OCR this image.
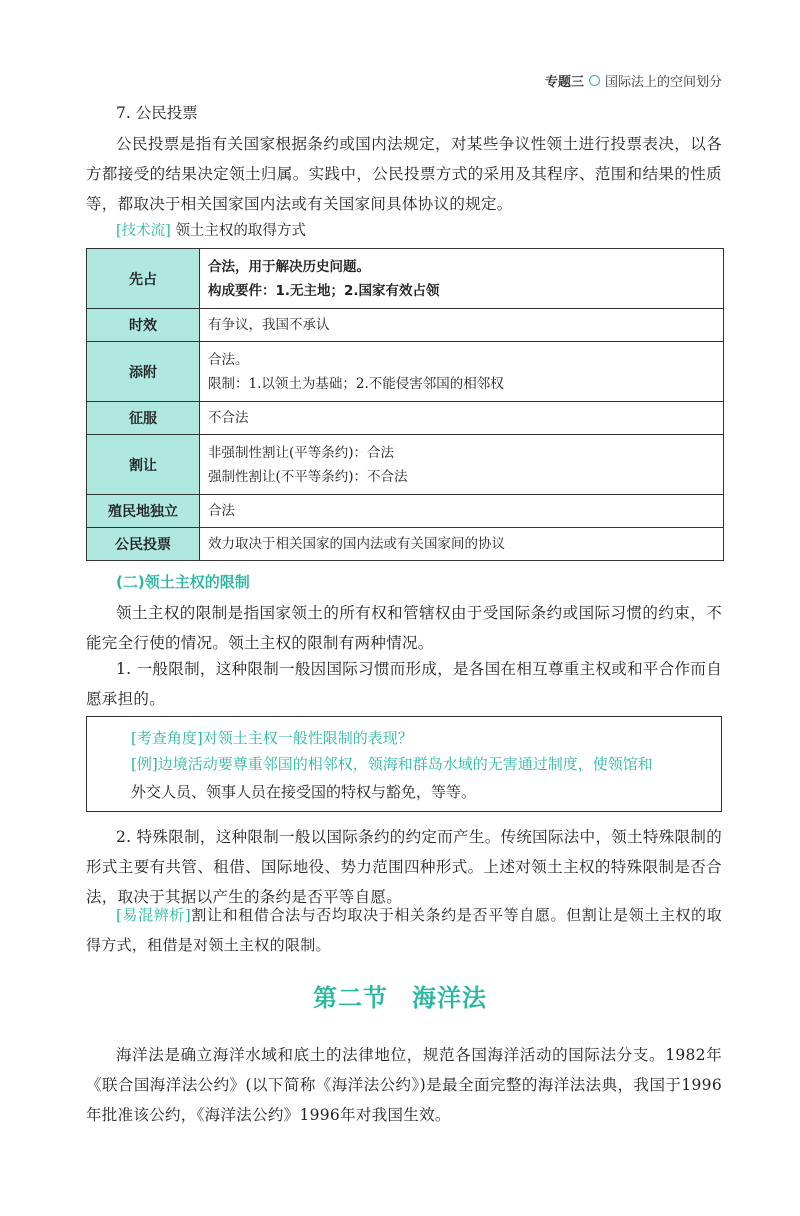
专题三 国际法上的空间划分
7. 公民投票
公民投票是指有关国家根据条约或国内法规定，对某些争议性领土进行投票表决，以各方都接受的结果决定领土归属。实践中，公民投票方式的采用及其程序、范围和结果的性质等，都取决于相关国家国内法或有关国家间具体协议的规定。
[技术流] 领土主权的取得方式
先占	合法，用于解决历史问题。
构成要件：1.无主地；2.国家有效占领

时效	有争议，我国不承认

添附	合法。
限制：1.以领土为基础；2.不能侵害邻国的相邻权

征服	不合法

割让	非强制性割让(平等条约)：合法
强制性割让(不平等条约)：不合法

殖民地独立	合法

公民投票	效力取决于相关国家的国内法或有关国家间的协议
(二)领土主权的限制
领土主权的限制是指国家领土的所有权和管辖权由于受国际条约或国际习惯的约束，不能完全行使的情况。领土主权的限制有两种情况。
1. 一般限制，这种限制一般因国际习惯而形成，是各国在相互尊重主权或和平合作而自愿承担的。
[考查角度]对领土主权一般性限制的表现？
[例]边境活动要尊重邻国的相邻权，领海和群岛水域的无害通过制度，使领馆和
外交人员、领事人员在接受国的特权与豁免，等等。
2. 特殊限制，这种限制一般以国际条约的约定而产生。传统国际法中，领土特殊限制的形式主要有共管、租借、国际地役、势力范围四种形式。上述对领土主权的特殊限制是否合法，取决于其据以产生的条约是否平等自愿。
[易混辨析]割让和租借合法与否均取决于相关条约是否平等自愿。但割让是领土主权的取得方式，租借是对领土主权的限制。
第二节 海洋法
海洋法是确立海洋水域和底土的法律地位，规范各国海洋活动的国际法分支。1982年《联合国海洋法公约》(以下简称《海洋法公约》)是最全面完整的海洋法法典，我国于1996年批准该公约，《海洋法公约》1996年对我国生效。
